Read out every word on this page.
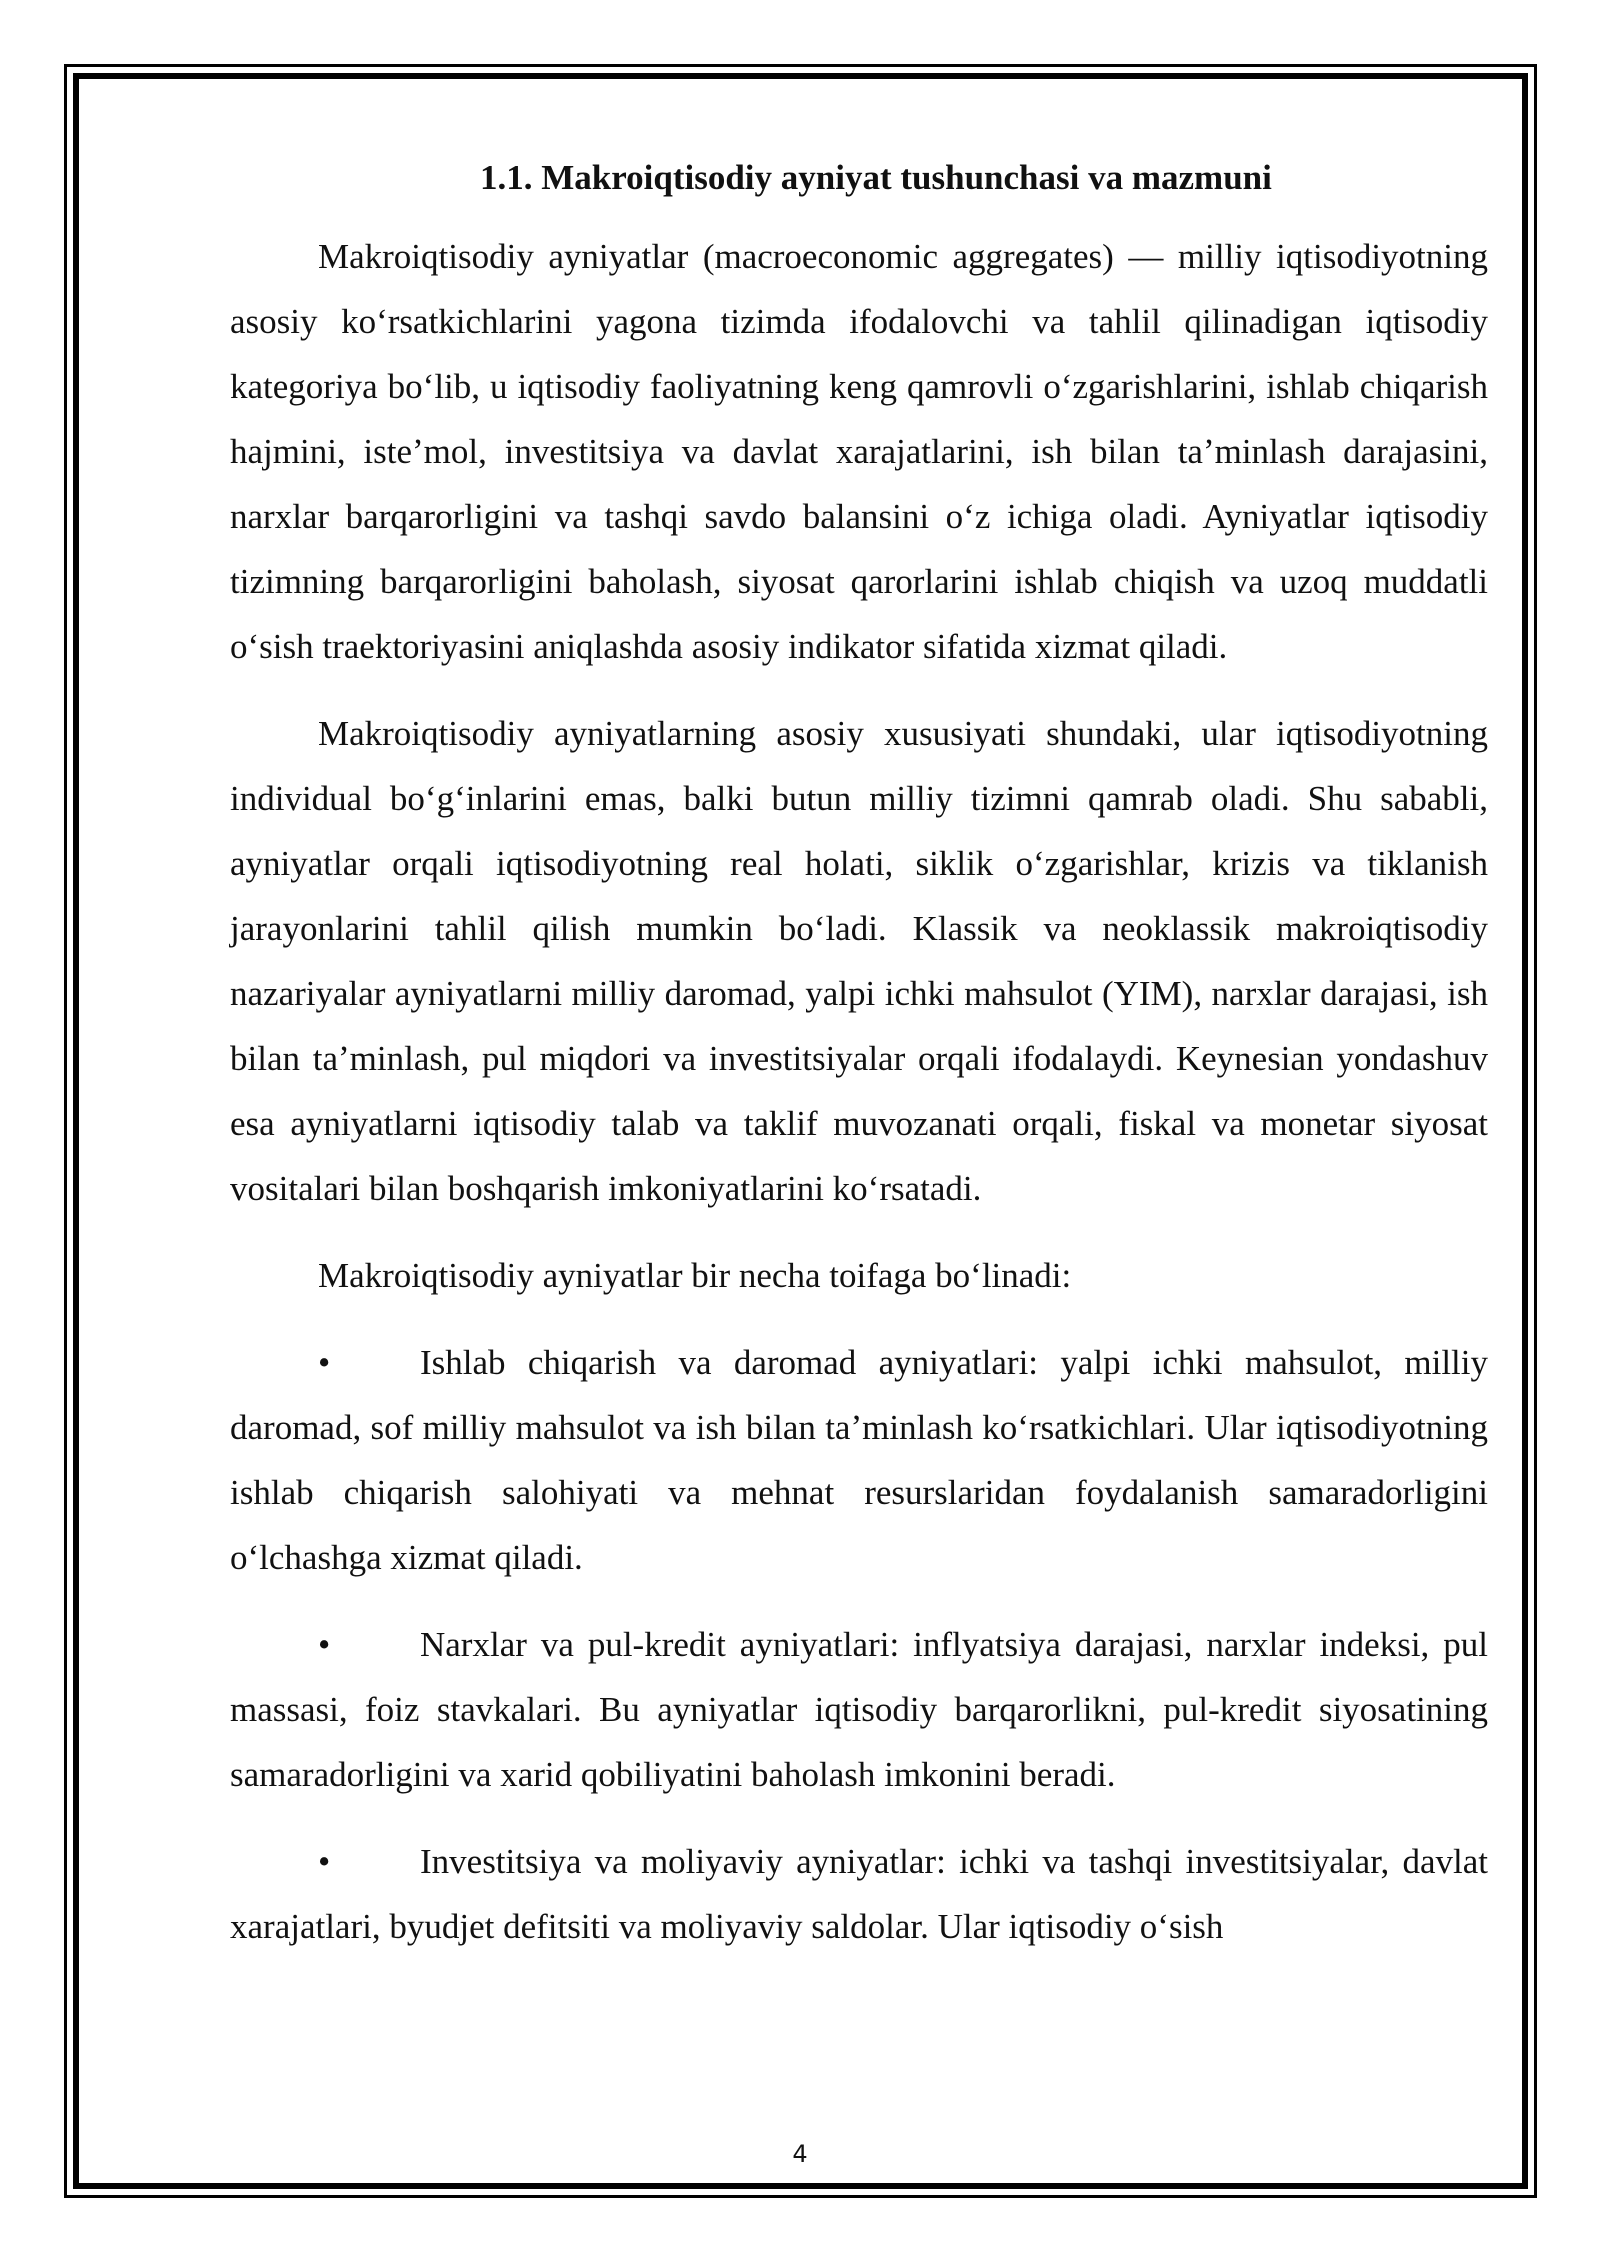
1.1. Makroiqtisodiy ayniyat tushunchasi va mazmuni

Makroiqtisodiy ayniyatlar (macroeconomic aggregates) — milliy iqtisodiyotning asosiy koʻrsatkichlarini yagona tizimda ifodalovchi va tahlil qilinadigan iqtisodiy kategoriya boʻlib, u iqtisodiy faoliyatning keng qamrovli oʻzgarishlarini, ishlab chiqarish hajmini, isteʼmol, investitsiya va davlat xarajatlarini, ish bilan taʼminlash darajasini, narxlar barqarorligini va tashqi savdo balansini oʻz ichiga oladi. Ayniyatlar iqtisodiy tizimning barqarorligini baholash, siyosat qarorlarini ishlab chiqish va uzoq muddatli oʻsish traektoriyasini aniqlashda asosiy indikator sifatida xizmat qiladi.

Makroiqtisodiy ayniyatlarning asosiy xususiyati shundaki, ular iqtisodiyotning individual boʻgʻinlarini emas, balki butun milliy tizimni qamrab oladi. Shu sababli, ayniyatlar orqali iqtisodiyotning real holati, siklik oʻzgarishlar, krizis va tiklanish jarayonlarini tahlil qilish mumkin boʻladi. Klassik va neoklassik makroiqtisodiy nazariyalar ayniyatlarni milliy daromad, yalpi ichki mahsulot (YIM), narxlar darajasi, ish bilan taʼminlash, pul miqdori va investitsiyalar orqali ifodalaydi. Keynesian yondashuv esa ayniyatlarni iqtisodiy talab va taklif muvozanati orqali, fiskal va monetar siyosat vositalari bilan boshqarish imkoniyatlarini koʻrsatadi.

Makroiqtisodiy ayniyatlar bir necha toifaga boʻlinadi:

•	Ishlab chiqarish va daromad ayniyatlari: yalpi ichki mahsulot, milliy daromad, sof milliy mahsulot va ish bilan taʼminlash koʻrsatkichlari. Ular iqtisodiyotning ishlab chiqarish salohiyati va mehnat resurslaridan foydalanish samaradorligini oʻlchashga xizmat qiladi.

•	Narxlar va pul-kredit ayniyatlari: inflyatsiya darajasi, narxlar indeksi, pul massasi, foiz stavkalari. Bu ayniyatlar iqtisodiy barqarorlikni, pul-kredit siyosatining samaradorligini va xarid qobiliyatini baholash imkonini beradi.

•	Investitsiya va moliyaviy ayniyatlar: ichki va tashqi investitsiyalar, davlat xarajatlari, byudjet defitsiti va moliyaviy saldolar. Ular iqtisodiy oʻsish

4
